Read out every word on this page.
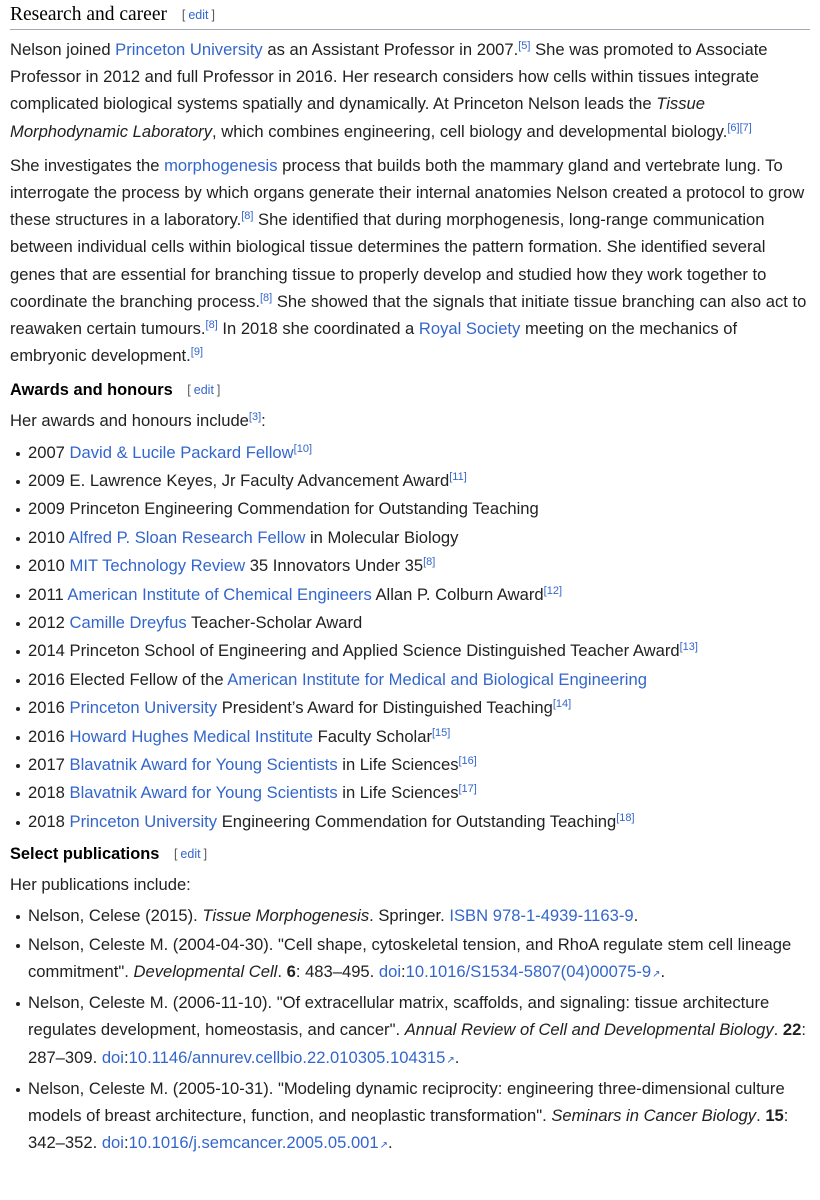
Research and career [ edit ]

Nelson joined Princeton University as an Assistant Professor in 2007.[5] She was promoted to Associate Professor in 2012 and full Professor in 2016. Her research considers how cells within tissues integrate complicated biological systems spatially and dynamically. At Princeton Nelson leads the Tissue Morphodynamic Laboratory, which combines engineering, cell biology and developmental biology.[6][7]

She investigates the morphogenesis process that builds both the mammary gland and vertebrate lung. To interrogate the process by which organs generate their internal anatomies Nelson created a protocol to grow these structures in a laboratory.[8] She identified that during morphogenesis, long-range communication between individual cells within biological tissue determines the pattern formation. She identified several genes that are essential for branching tissue to properly develop and studied how they work together to coordinate the branching process.[8] She showed that the signals that initiate tissue branching can also act to reawaken certain tumours.[8] In 2018 she coordinated a Royal Society meeting on the mechanics of embryonic development.[9]

Awards and honours [ edit ]

Her awards and honours include[3]:

2007 David & Lucile Packard Fellow[10]
2009 E. Lawrence Keyes, Jr Faculty Advancement Award[11]
2009 Princeton Engineering Commendation for Outstanding Teaching
2010 Alfred P. Sloan Research Fellow in Molecular Biology
2010 MIT Technology Review 35 Innovators Under 35[8]
2011 American Institute of Chemical Engineers Allan P. Colburn Award[12]
2012 Camille Dreyfus Teacher-Scholar Award
2014 Princeton School of Engineering and Applied Science Distinguished Teacher Award[13]
2016 Elected Fellow of the American Institute for Medical and Biological Engineering
2016 Princeton University President’s Award for Distinguished Teaching[14]
2016 Howard Hughes Medical Institute Faculty Scholar[15]
2017 Blavatnik Award for Young Scientists in Life Sciences[16]
2018 Blavatnik Award for Young Scientists in Life Sciences[17]
2018 Princeton University Engineering Commendation for Outstanding Teaching[18]
Select publications [ edit ]

Her publications include:

Nelson, Celese (2015). Tissue Morphogenesis. Springer. ISBN 978-1-4939-1163-9.
Nelson, Celeste M. (2004-04-30). "Cell shape, cytoskeletal tension, and RhoA regulate stem cell lineage commitment". Developmental Cell. 6: 483–495. doi:10.1016/S1534-5807(04)00075-9↗.
Nelson, Celeste M. (2006-11-10). "Of extracellular matrix, scaffolds, and signaling: tissue architecture regulates development, homeostasis, and cancer". Annual Review of Cell and Developmental Biology. 22: 287–309. doi:10.1146/annurev.cellbio.22.010305.104315↗.
Nelson, Celeste M. (2005-10-31). "Modeling dynamic reciprocity: engineering three-dimensional culture models of breast architecture, function, and neoplastic transformation". Seminars in Cancer Biology. 15: 342–352. doi:10.1016/j.semcancer.2005.05.001↗.
